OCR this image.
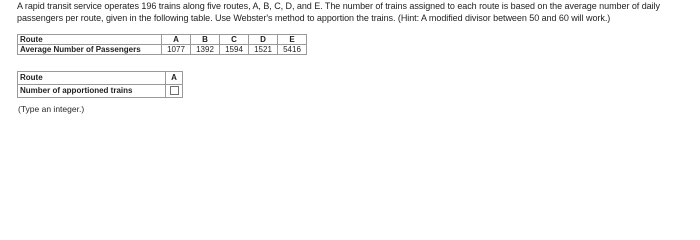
A rapid transit service operates 196 trains along five routes, A, B, C, D, and E. The number of trains assigned to each route is based on the average number of daily
passengers per route, given in the following table. Use Webster's method to apportion the trains. (Hint: A modified divisor between 50 and 60 will work.)
Route	A	B	C	D	E
Average Number of Passengers	1077	1392	1594	1521	5416
Route	A
Number of apportioned trains	
(Type an integer.)
